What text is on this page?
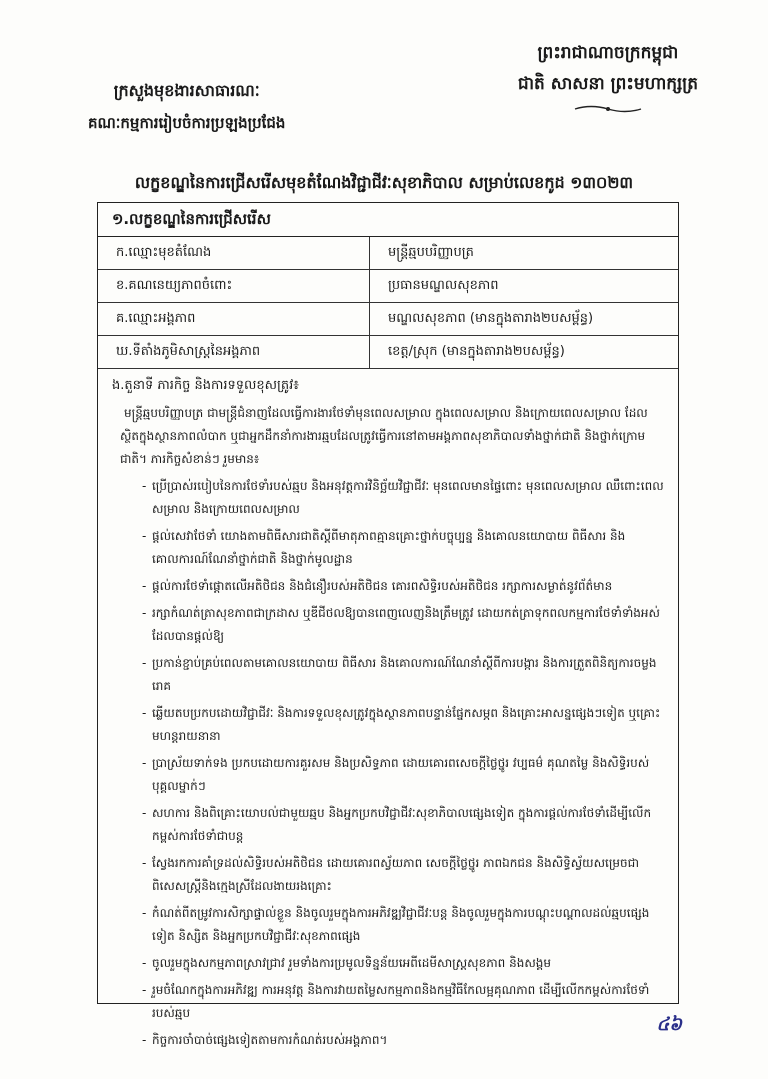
ព្រះរាជាណាចក្រកម្ពុជា
ជាតិ សាសនា ព្រះមហាក្សត្រ
ក្រសួងមុខងារសាធារណៈ
គណៈកម្មការរៀបចំការប្រឡងប្រជែង
លក្ខខណ្ឌនៃការជ្រើសរើសមុខតំណែងវិជ្ជាជីវៈសុខាភិបាល សម្រាប់លេខកូដ ១៣០២៣
១.លក្ខខណ្ឌនៃការជ្រើសរើស
ក.ឈ្មោះមុខតំណែង	មន្ត្រីឆ្មបបរិញ្ញាបត្រ
ខ.គណនេយ្យភាពចំពោះ	ប្រធានមណ្ឌលសុខភាព
គ.ឈ្មោះអង្គភាព	មណ្ឌលសុខភាព (មានក្នុងតារាង២បសម្ព័ន្ធ)
ឃ.ទីតាំងភូមិសាស្ត្រនៃអង្គភាព	ខេត្ត/ស្រុក (មានក្នុងតារាង២បសម្ព័ន្ធ)
ង.តួនាទី ភារកិច្ច និងការទទួលខុសត្រូវ៖
មន្ត្រីឆ្មបបរិញ្ញាបត្រ ជាមន្ត្រីជំនាញដែលធ្វើការងារថែទាំមុនពេលសម្រាល ក្នុងពេលសម្រាល និងក្រោយពេលសម្រាល ដែលស្ថិតក្នុងស្ថានភាពលំបាក ឬជាអ្នកដឹកនាំការងារឆ្មបដែលត្រូវធ្វើការនៅតាមអង្គភាពសុខាភិបាលទាំងថ្នាក់ជាតិ និងថ្នាក់ក្រោមជាតិ។ ភារកិច្ចសំខាន់ៗ រួមមាន៖
- ប្រើប្រាស់របៀបនៃការថែទាំរបស់ឆ្មប និងអនុវត្តការវិនិច្ឆ័យវិជ្ជាជីវៈ មុនពេលមានផ្ទៃពោះ មុនពេលសម្រាល ឈឺពោះពេលសម្រាល និងក្រោយពេលសម្រាល
- ផ្ដល់សេវាថែទាំ យោងតាមពិធីសារជាតិស្ដីពីមាតុភាពគ្មានគ្រោះថ្នាក់បច្ចុប្បន្ន និងគោលនយោបាយ ពិធីសារ និងគោលការណ៍ណែនាំថ្នាក់ជាតិ និងថ្នាក់មូលដ្ឋាន
- ផ្ដល់ការថែទាំផ្ដោតលើអតិថិជន និងជំនឿរបស់អតិថិជន គោរពសិទ្ធិរបស់អតិថិជន រក្សាការសម្ងាត់នូវព័ត៌មាន
- រក្សាកំណត់ត្រាសុខភាពជាក្រដាស ឬឌីជីថលឱ្យបានពេញលេញនិងត្រឹមត្រូវ ដោយកត់ត្រាទុកពលកម្មការថែទាំទាំងអស់ដែលបានផ្ដល់ឱ្យ
- ប្រកាន់ខ្ជាប់គ្រប់ពេលតាមគោលនយោបាយ ពិធីសារ និងគោលការណ៍ណែនាំស្ដីពីការបង្ការ និងការត្រួតពិនិត្យការចម្លងរោគ
- ឆ្លើយតបប្រកបដោយវិជ្ជាជីវៈ និងការទទួលខុសត្រូវក្នុងស្ថានភាពបន្ទាន់ផ្នែកសម្ភព និងគ្រោះអាសន្នផ្សេងៗទៀត ឬគ្រោះមហន្តរាយនានា
- ប្រាស្រ័យទាក់ទង ប្រកបដោយការគួរសម និងប្រសិទ្ធភាព ដោយគោរពសេចក្ដីថ្លៃថ្នូរ វប្បធម៌ គុណតម្លៃ និងសិទ្ធិរបស់បុគ្គលម្នាក់ៗ
- សហការ និងពិគ្រោះយោបល់ជាមួយឆ្មប និងអ្នកប្រកបវិជ្ជាជីវៈសុខាភិបាលផ្សេងទៀត ក្នុងការផ្ដល់ការថែទាំដើម្បីលើកកម្ពស់ការថែទាំជាបន្ត
- ស្វែងរកការគាំទ្រដល់សិទ្ធិរបស់អតិថិជន ដោយគោរពស្វ័យភាព សេចក្ដីថ្លៃថ្នូរ ភាពឯកជន និងសិទ្ធិស្វ័យសម្រេចជាពិសេសស្ត្រីនិងក្មេងស្រីដែលងាយរងគ្រោះ
- កំណត់ពីតម្រូវការសិក្សាផ្ទាល់ខ្លួន និងចូលរួមក្នុងការអភិវឌ្ឍវិជ្ជាជីវៈបន្ត និងចូលរួមក្នុងការបណ្ដុះបណ្ដាលដល់ឆ្មបផ្សេងទៀត និស្សិត និងអ្នកប្រកបវិជ្ជាជីវៈសុខភាពផ្សេង
- ចូលរួមក្នុងសកម្មភាពស្រាវជ្រាវ រួមទាំងការប្រមូលទិន្នន័យអេពីដេមីសាស្ត្រសុខភាព និងសង្គម
- រួមចំណែកក្នុងការអភិវឌ្ឍ ការអនុវត្ត និងការវាយតម្លៃសកម្មភាពនិងកម្មវិធីកែលម្អគុណភាព ដើម្បីលើកកម្ពស់ការថែទាំរបស់ឆ្មប
- កិច្ចការចាំបាច់ផ្សេងទៀតតាមការកំណត់របស់អង្គភាព។
៤៦
